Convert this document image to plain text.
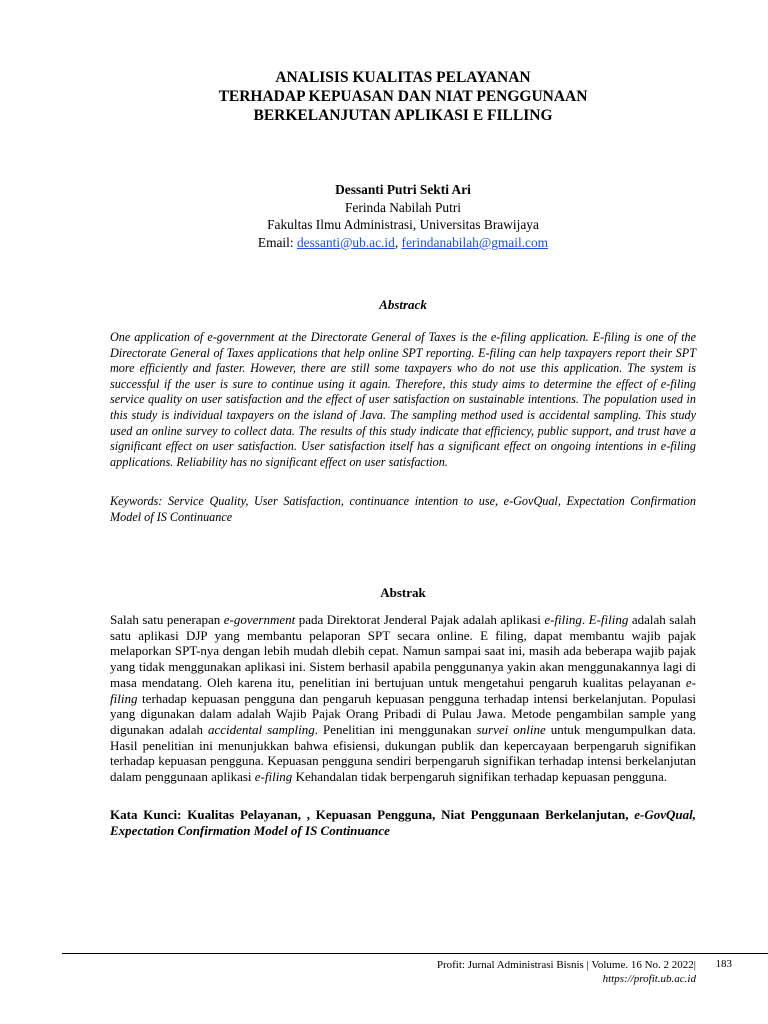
ANALISIS KUALITAS PELAYANAN
TERHADAP KEPUASAN DAN NIAT PENGGUNAAN
BERKELANJUTAN APLIKASI E FILLING
Dessanti Putri Sekti Ari
Ferinda Nabilah Putri
Fakultas Ilmu Administrasi, Universitas Brawijaya
Email: dessanti@ub.ac.id, ferindanabilah@gmail.com
Abstrack
One application of e-government at the Directorate General of Taxes is the e-filing application. E-filing is one of the Directorate General of Taxes applications that help online SPT reporting. E-filing can help taxpayers report their SPT more efficiently and faster. However, there are still some taxpayers who do not use this application. The system is successful if the user is sure to continue using it again. Therefore, this study aims to determine the effect of e-filing service quality on user satisfaction and the effect of user satisfaction on sustainable intentions. The population used in this study is individual taxpayers on the island of Java. The sampling method used is accidental sampling. This study used an online survey to collect data. The results of this study indicate that efficiency, public support, and trust have a significant effect on user satisfaction. User satisfaction itself has a significant effect on ongoing intentions in e-filing applications. Reliability has no significant effect on user satisfaction.
Keywords: Service Quality, User Satisfaction, continuance intention to use, e-GovQual, Expectation Confirmation Model of IS Continuance
Abstrak
Salah satu penerapan e-government pada Direktorat Jenderal Pajak adalah aplikasi e-filing. E-filing adalah salah satu aplikasi DJP yang membantu pelaporan SPT secara online. E filing, dapat membantu wajib pajak melaporkan SPT-nya dengan lebih mudah dlebih cepat. Namun sampai saat ini, masih ada beberapa wajib pajak yang tidak menggunakan aplikasi ini. Sistem berhasil apabila penggunanya yakin akan menggunakannya lagi di masa mendatang. Oleh karena itu, penelitian ini bertujuan untuk mengetahui pengaruh kualitas pelayanan e-filing terhadap kepuasan pengguna dan pengaruh kepuasan pengguna terhadap intensi berkelanjutan. Populasi yang digunakan dalam adalah Wajib Pajak Orang Pribadi di Pulau Jawa. Metode pengambilan sample yang digunakan adalah accidental sampling. Penelitian ini menggunakan survei online untuk mengumpulkan data. Hasil penelitian ini menunjukkan bahwa efisiensi, dukungan publik dan kepercayaan berpengaruh signifikan terhadap kepuasan pengguna. Kepuasan pengguna sendiri berpengaruh signifikan terhadap intensi berkelanjutan dalam penggunaan aplikasi e-filing Kehandalan tidak berpengaruh signifikan terhadap kepuasan pengguna.
Kata Kunci: Kualitas Pelayanan, , Kepuasan Pengguna, Niat Penggunaan Berkelanjutan, e-GovQual, Expectation Confirmation Model of IS Continuance
Profit: Jurnal Administrasi Bisnis | Volume. 16 No. 2 2022|
https://profit.ub.ac.id
183
